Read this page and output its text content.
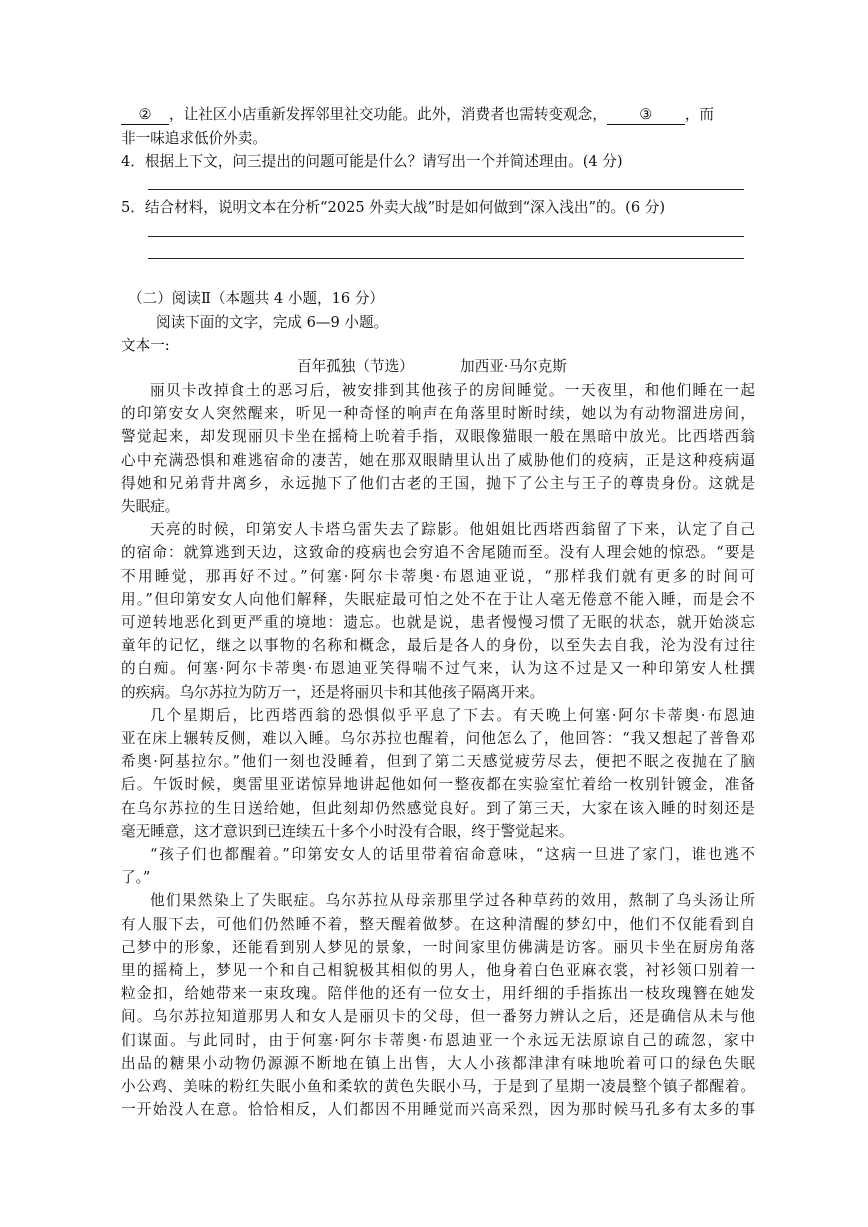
② ，让社区小店重新发挥邻里社交功能。此外，消费者也需转变观念， ③ ，而
非一味追求低价外卖。
4．根据上下文，问三提出的问题可能是什么？请写出一个并简述理由。(4 分)
5．结合材料，说明文本在分析“2025 外卖大战”时是如何做到“深入浅出”的。(6 分)
（二）阅读Ⅱ（本题共 4 小题，16 分）
阅读下面的文字，完成 6—9 小题。
文本一:
百年孤独（节选）	加西亚·马尔克斯
丽贝卡改掉食土的恶习后，被安排到其他孩子的房间睡觉。一天夜里，和他们睡在一起
的印第安女人突然醒来，听见一种奇怪的响声在角落里时断时续，她以为有动物溜进房间，
警觉起来，却发现丽贝卡坐在摇椅上吮着手指，双眼像猫眼一般在黑暗中放光。比西塔西翁
心中充满恐惧和难逃宿命的凄苦，她在那双眼睛里认出了威胁他们的疫病，正是这种疫病逼
得她和兄弟背井离乡，永远抛下了他们古老的王国，抛下了公主与王子的尊贵身份。这就是
失眠症。
天亮的时候，印第安人卡塔乌雷失去了踪影。他姐姐比西塔西翁留了下来，认定了自己
的宿命：就算逃到天边，这致命的疫病也会穷追不舍尾随而至。没有人理会她的惊恐。“要是
不用睡觉，那再好不过。”何塞·阿尔卡蒂奥·布恩迪亚说，“那样我们就有更多的时间可
用。”但印第安女人向他们解释，失眠症最可怕之处不在于让人毫无倦意不能入睡，而是会不
可逆转地恶化到更严重的境地：遗忘。也就是说，患者慢慢习惯了无眠的状态，就开始淡忘
童年的记忆，继之以事物的名称和概念，最后是各人的身份，以至失去自我，沦为没有过往
的白痴。何塞·阿尔卡蒂奥·布恩迪亚笑得喘不过气来，认为这不过是又一种印第安人杜撰
的疾病。乌尔苏拉为防万一，还是将丽贝卡和其他孩子隔离开来。
几个星期后，比西塔西翁的恐惧似乎平息了下去。有天晚上何塞·阿尔卡蒂奥·布恩迪
亚在床上辗转反侧，难以入睡。乌尔苏拉也醒着，问他怎么了，他回答：“我又想起了普鲁邓
希奥·阿基拉尔。”他们一刻也没睡着，但到了第二天感觉疲劳尽去，便把不眠之夜抛在了脑
后。午饭时候，奥雷里亚诺惊异地讲起他如何一整夜都在实验室忙着给一枚别针镀金，准备
在乌尔苏拉的生日送给她，但此刻却仍然感觉良好。到了第三天，大家在该入睡的时刻还是
毫无睡意，这才意识到已连续五十多个小时没有合眼，终于警觉起来。
“孩子们也都醒着。”印第安女人的话里带着宿命意味，“这病一旦进了家门，谁也逃不
了。”
他们果然染上了失眠症。乌尔苏拉从母亲那里学过各种草药的效用，熬制了乌头汤让所
有人服下去，可他们仍然睡不着，整天醒着做梦。在这种清醒的梦幻中，他们不仅能看到自
己梦中的形象，还能看到别人梦见的景象，一时间家里仿佛满是访客。丽贝卡坐在厨房角落
里的摇椅上，梦见一个和自己相貌极其相似的男人，他身着白色亚麻衣裳，衬衫领口别着一
粒金扣，给她带来一束玫瑰。陪伴他的还有一位女士，用纤细的手指拣出一枝玫瑰簪在她发
间。乌尔苏拉知道那男人和女人是丽贝卡的父母，但一番努力辨认之后，还是确信从未与他
们谋面。与此同时，由于何塞·阿尔卡蒂奥·布恩迪亚一个永远无法原谅自己的疏忽，家中
出品的糖果小动物仍源源不断地在镇上出售，大人小孩都津津有味地吮着可口的绿色失眠
小公鸡、美味的粉红失眠小鱼和柔软的黄色失眠小马，于是到了星期一凌晨整个镇子都醒着。
一开始没人在意。恰恰相反，人们都因不用睡觉而兴高采烈，因为那时候马孔多有太多的事
